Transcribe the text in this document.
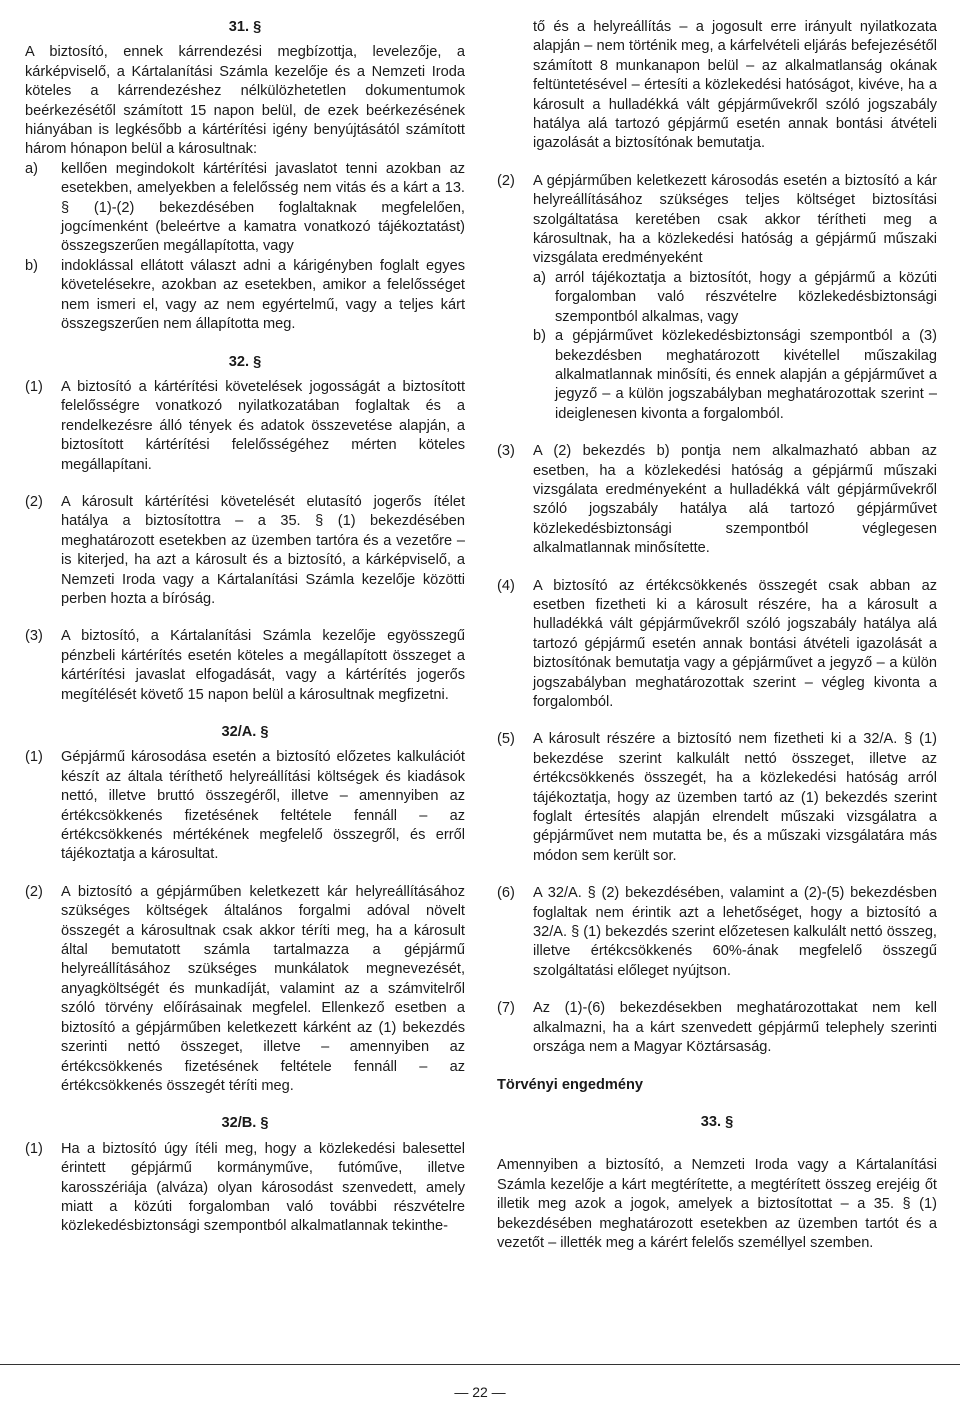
31. §

A biztosító, ennek kárrendezési megbízottja, levelezője, a kárképviselő, a Kártalanítási Számla kezelője és a Nemzeti Iroda köteles a kárrendezéshez nélkülözhetetlen dokumentumok beérkezésétől számított 15 napon belül, de ezek beérkezésének hiányában is legkésőbb a kártérítési igény benyújtásától számított három hónapon belül a károsultnak:

a)	kellően megindokolt kártérítési javaslatot tenni azokban az esetekben, amelyekben a felelősség nem vitás és a kárt a 13. § (1)-(2) bekezdésében foglaltaknak megfelelően, jogcímenként (beleértve a kamatra vonatkozó tájékoztatást) összegszerűen megállapította, vagy
b)	indoklással ellátott választ adni a kárigényben foglalt egyes követelésekre, azokban az esetekben, amikor a felelősséget nem ismeri el, vagy az nem egyértelmű, vagy a teljes kárt összegszerűen nem állapította meg.

32. §

(1)	A biztosító a kártérítési követelések jogosságát a biztosított felelősségre vonatkozó nyilatkozatában foglaltak és a rendelkezésre álló tények és adatok összevetése alapján, a biztosított kártérítési felelősségéhez mérten köteles megállapítani.
(2)	A károsult kártérítési követelését elutasító jogerős ítélet hatálya a biztosítottra – a 35. § (1) bekezdésében meghatározott esetekben az üzemben tartóra és a vezetőre – is kiterjed, ha azt a károsult és a biztosító, a kárképviselő, a Nemzeti Iroda vagy a Kártalanítási Számla kezelője közötti perben hozta a bíróság.
(3)	A biztosító, a Kártalanítási Számla kezelője egyösszegű pénzbeli kártérítés esetén köteles a megállapított összeget a kártérítési javaslat elfogadását, vagy a kártérítés jogerős megítélését követő 15 napon belül a károsultnak megfizetni.

32/A. §

(1)	Gépjármű károsodása esetén a biztosító előzetes kalkulációt készít az általa téríthető helyreállítási költségek és kiadások nettó, illetve bruttó összegéről, illetve – amennyiben az értékcsökkenés fizetésének feltétele fennáll – az értékcsökkenés mértékének megfelelő összegről, és erről tájékoztatja a károsultat.
(2)	A biztosító a gépjárműben keletkezett kár helyreállításához szükséges költségek általános forgalmi adóval növelt összegét a károsultnak csak akkor téríti meg, ha a károsult által bemutatott számla tartalmazza a gépjármű helyreállításához szükséges munkálatok megnevezését, anyagköltségét és munkadíját, valamint az a számvitelről szóló törvény előírásainak megfelel. Ellenkező esetben a biztosító a gépjárműben keletkezett kárként az (1) bekezdés szerinti nettó összeget, illetve – amennyiben az értékcsökkenés fizetésének feltétele fennáll – az értékcsökkenés összegét téríti meg.

32/B. §

(1)	Ha a biztosító úgy ítéli meg, hogy a közlekedési balesettel érintett gépjármű kormányműve, futóműve, illetve karosszériája (alváza) olyan károsodást szenvedett, amely miatt a közúti forgalomban való további részvételre közlekedésbiztonsági szempontból alkalmatlannak tekinthe-
tő és a helyreállítás – a jogosult erre irányult nyilatkozata alapján – nem történik meg, a kárfelvételi eljárás befejezésétől számított 8 munkanapon belül – az alkalmatlanság okának feltüntetésével – értesíti a közlekedési hatóságot, kivéve, ha a károsult a hulladékká vált gépjárművekről szóló jogszabály hatálya alá tartozó gépjármű esetén annak bontási átvételi igazolását a biztosítónak bemutatja.
(2)	A gépjárműben keletkezett károsodás esetén a biztosító a kár helyreállításához szükséges teljes költséget biztosítási szolgáltatása keretében csak akkor térítheti meg a károsultnak, ha a közlekedési hatóság a gépjármű műszaki vizsgálata eredményeként
a) arról tájékoztatja a biztosítót, hogy a gépjármű a közúti forgalomban való részvételre közlekedésbiztonsági szempontból alkalmas, vagy
b) a gépjárművet közlekedésbiztonsági szempontból a (3) bekezdésben meghatározott kivétellel műszakilag alkalmatlannak minősíti, és ennek alapján a gépjárművet a jegyző – a külön jogszabályban meghatározottak szerint – ideiglenesen kivonta a forgalomból.
(3)	A (2) bekezdés b) pontja nem alkalmazható abban az esetben, ha a közlekedési hatóság a gépjármű műszaki vizsgálata eredményeként a hulladékká vált gépjárművekről szóló jogszabály hatálya alá tartozó gépjárművet közlekedésbiztonsági szempontból véglegesen alkalmatlannak minősítette.
(4)	A biztosító az értékcsökkenés összegét csak abban az esetben fizetheti ki a károsult részére, ha a károsult a hulladékká vált gépjárművekről szóló jogszabály hatálya alá tartozó gépjármű esetén annak bontási átvételi igazolását a biztosítónak bemutatja vagy a gépjárművet a jegyző – a külön jogszabályban meghatározottak szerint – végleg kivonta a forgalomból.
(5)	A károsult részére a biztosító nem fizetheti ki a 32/A. § (1) bekezdése szerint kalkulált nettó összeget, illetve az értékcsökkenés összegét, ha a közlekedési hatóság arról tájékoztatja, hogy az üzemben tartó az (1) bekezdés szerint foglalt értesítés alapján elrendelt műszaki vizsgálatra a gépjárművet nem mutatta be, és a műszaki vizsgálatára más módon sem került sor.
(6)	A 32/A. § (2) bekezdésében, valamint a (2)-(5) bekezdésben foglaltak nem érintik azt a lehetőséget, hogy a biztosító a 32/A. § (1) bekezdés szerint előzetesen kalkulált nettó összeg, illetve értékcsökkenés 60%-ának megfelelő összegű szolgáltatási előleget nyújtson.
(7)	Az (1)-(6) bekezdésekben meghatározottakat nem kell alkalmazni, ha a kárt szenvedett gépjármű telephely szerinti országa nem a Magyar Köztársaság.

Törvényi engedmény

33. §

Amennyiben a biztosító, a Nemzeti Iroda vagy a Kártalanítási Számla kezelője a kárt megtérítette, a megtérített összeg erejéig őt illetik meg azok a jogok, amelyek a biztosítottat – a 35. § (1) bekezdésében meghatározott esetekben az üzemben tartót és a vezetőt – illették meg a kárért felelős személlyel szemben.

— 22 —
